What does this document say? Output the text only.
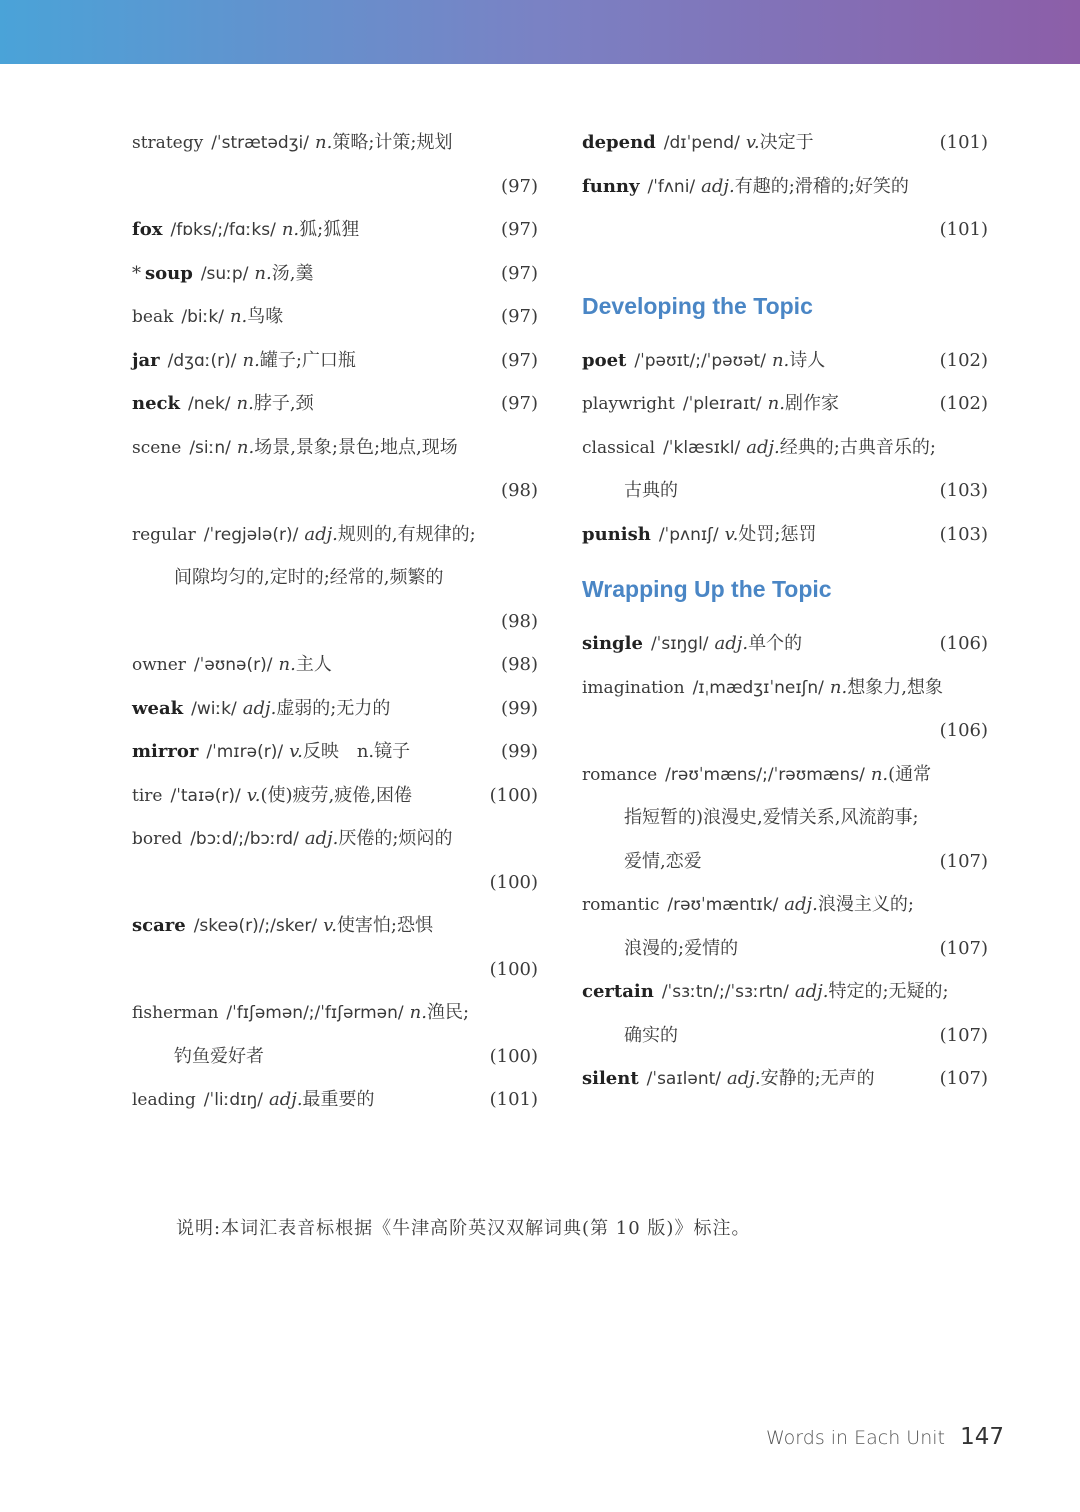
strategy /ˈstrætədʒi/ n.策略;计策;规划
(97)
fox /fɒks/;/fɑːks/ n.狐;狐狸	(97)
* soup /suːp/ n.汤,羹	(97)
beak /biːk/ n.鸟喙	(97)
jar /dʒɑː(r)/ n.罐子;广口瓶	(97)
neck /nek/ n.脖子,颈	(97)
scene /siːn/ n.场景,景象;景色;地点,现场
(98)
regular /ˈregjələ(r)/ adj.规则的,有规律的;
间隙均匀的,定时的;经常的,频繁的
(98)
owner /ˈəʊnə(r)/ n.主人	(98)
weak /wiːk/ adj.虚弱的;无力的	(99)
mirror /ˈmɪrə(r)/ v.反映　n.镜子	(99)
tire /ˈtaɪə(r)/ v.(使)疲劳,疲倦,困倦	(100)
bored /bɔːd/;/bɔːrd/ adj.厌倦的;烦闷的
(100)
scare /skeə(r)/;/sker/ v.使害怕;恐惧
(100)
fisherman /ˈfɪʃəmən/;/ˈfɪʃərmən/ n.渔民;
钓鱼爱好者	(100)
leading /ˈliːdɪŋ/ adj.最重要的	(101)
depend /dɪˈpend/ v.决定于	(101)
funny /ˈfʌni/ adj.有趣的;滑稽的;好笑的
(101)
Developing the Topic
poet /ˈpəʊɪt/;/ˈpəʊət/ n.诗人	(102)
playwright /ˈpleɪraɪt/ n.剧作家	(102)
classical /ˈklæsɪkl/ adj.经典的;古典音乐的;
古典的	(103)
punish /ˈpʌnɪʃ/ v.处罚;惩罚	(103)
Wrapping Up the Topic
single /ˈsɪŋgl/ adj.单个的	(106)
imagination /ɪˌmædʒɪˈneɪʃn/ n.想象力,想象
(106)
romance /rəʊˈmæns/;/ˈrəʊmæns/ n.(通常
指短暂的)浪漫史,爱情关系,风流韵事;
爱情,恋爱	(107)
romantic /rəʊˈmæntɪk/ adj.浪漫主义的;
浪漫的;爱情的	(107)
certain /ˈsɜːtn/;/ˈsɜːrtn/ adj.特定的;无疑的;
确实的	(107)
silent /ˈsaɪlənt/ adj.安静的;无声的	(107)
说明:本词汇表音标根据《牛津高阶英汉双解词典(第 10 版)》标注。
Words in Each Unit 147
